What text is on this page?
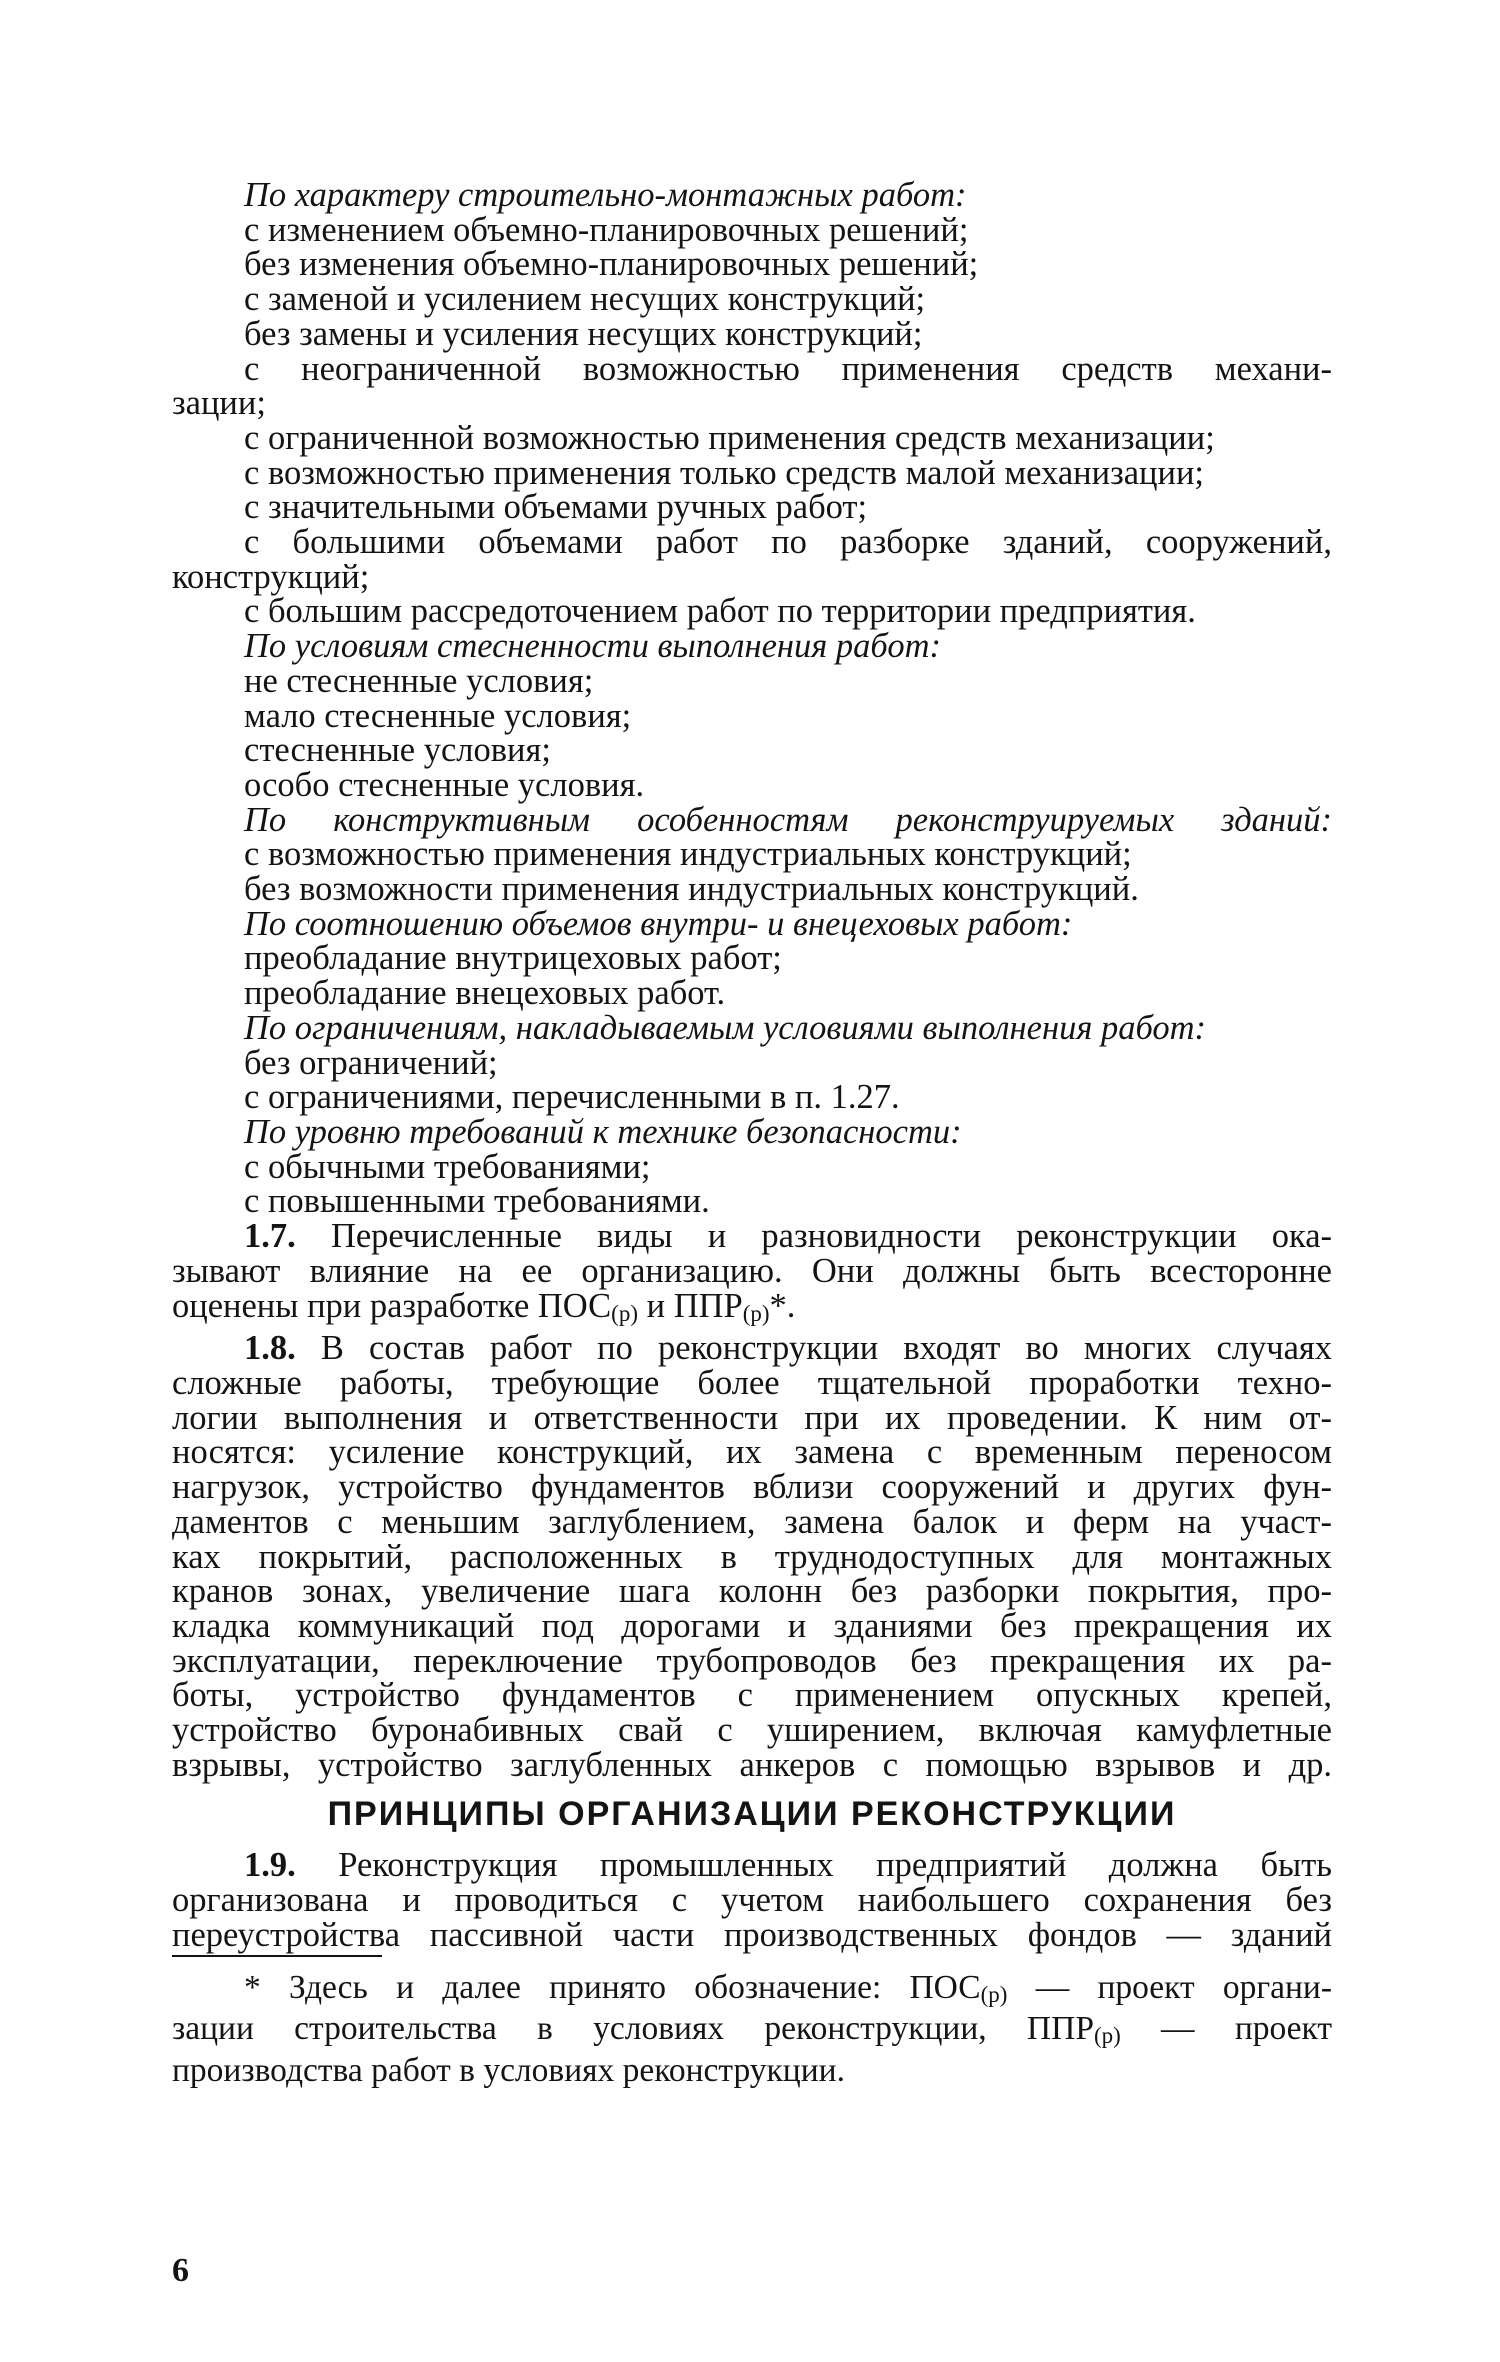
По характеру строительно-монтажных работ:
с изменением объемно-планировочных решений;
без изменения объемно-планировочных решений;
с заменой и усилением несущих конструкций;
без замены и усиления несущих конструкций;
с неограниченной возможностью применения средств механи-
зации;
с ограниченной возможностью применения средств механизации;
с возможностью применения только средств малой механизации;
с значительными объемами ручных работ;
с большими объемами работ по разборке зданий, сооружений,
конструкций;
с большим рассредоточением работ по территории предприятия.
По условиям стесненности выполнения работ:
не стесненные условия;
мало стесненные условия;
стесненные условия;
особо стесненные условия.
По конструктивным особенностям реконструируемых зданий:
с возможностью применения индустриальных конструкций;
без возможности применения индустриальных конструкций.
По соотношению объемов внутри- и внецеховых работ:
преобладание внутрицеховых работ;
преобладание внецеховых работ.
По ограничениям, накладываемым условиями выполнения работ:
без ограничений;
с ограничениями, перечисленными в п. 1.27.
По уровню требований к технике безопасности:
с обычными требованиями;
с повышенными требованиями.
1.7. Перечисленные виды и разновидности реконструкции ока-
зывают влияние на ее организацию. Они должны быть всесторонне
оценены при разработке ПОС(р) и ППР(р)*.
1.8. В состав работ по реконструкции входят во многих случаях
сложные работы, требующие более тщательной проработки техно-
логии выполнения и ответственности при их проведении. К ним от-
носятся: усиление конструкций, их замена с временным переносом
нагрузок, устройство фундаментов вблизи сооружений и других фун-
даментов с меньшим заглублением, замена балок и ферм на участ-
ках покрытий, расположенных в труднодоступных для монтажных
кранов зонах, увеличение шага колонн без разборки покрытия, про-
кладка коммуникаций под дорогами и зданиями без прекращения их
эксплуатации, переключение трубопроводов без прекращения их ра-
боты, устройство фундаментов с применением опускных крепей,
устройство буронабивных свай с уширением, включая камуфлетные
взрывы, устройство заглубленных анкеров с помощью взрывов и др.
ПРИНЦИПЫ ОРГАНИЗАЦИИ РЕКОНСТРУКЦИИ
1.9. Реконструкция промышленных предприятий должна быть
организована и проводиться с учетом наибольшего сохранения без
переустройства пассивной части производственных фондов — зданий
* Здесь и далее принято обозначение: ПОС(р) — проект органи-
зации строительства в условиях реконструкции, ППР(р) — проект
производства работ в условиях реконструкции.
6
